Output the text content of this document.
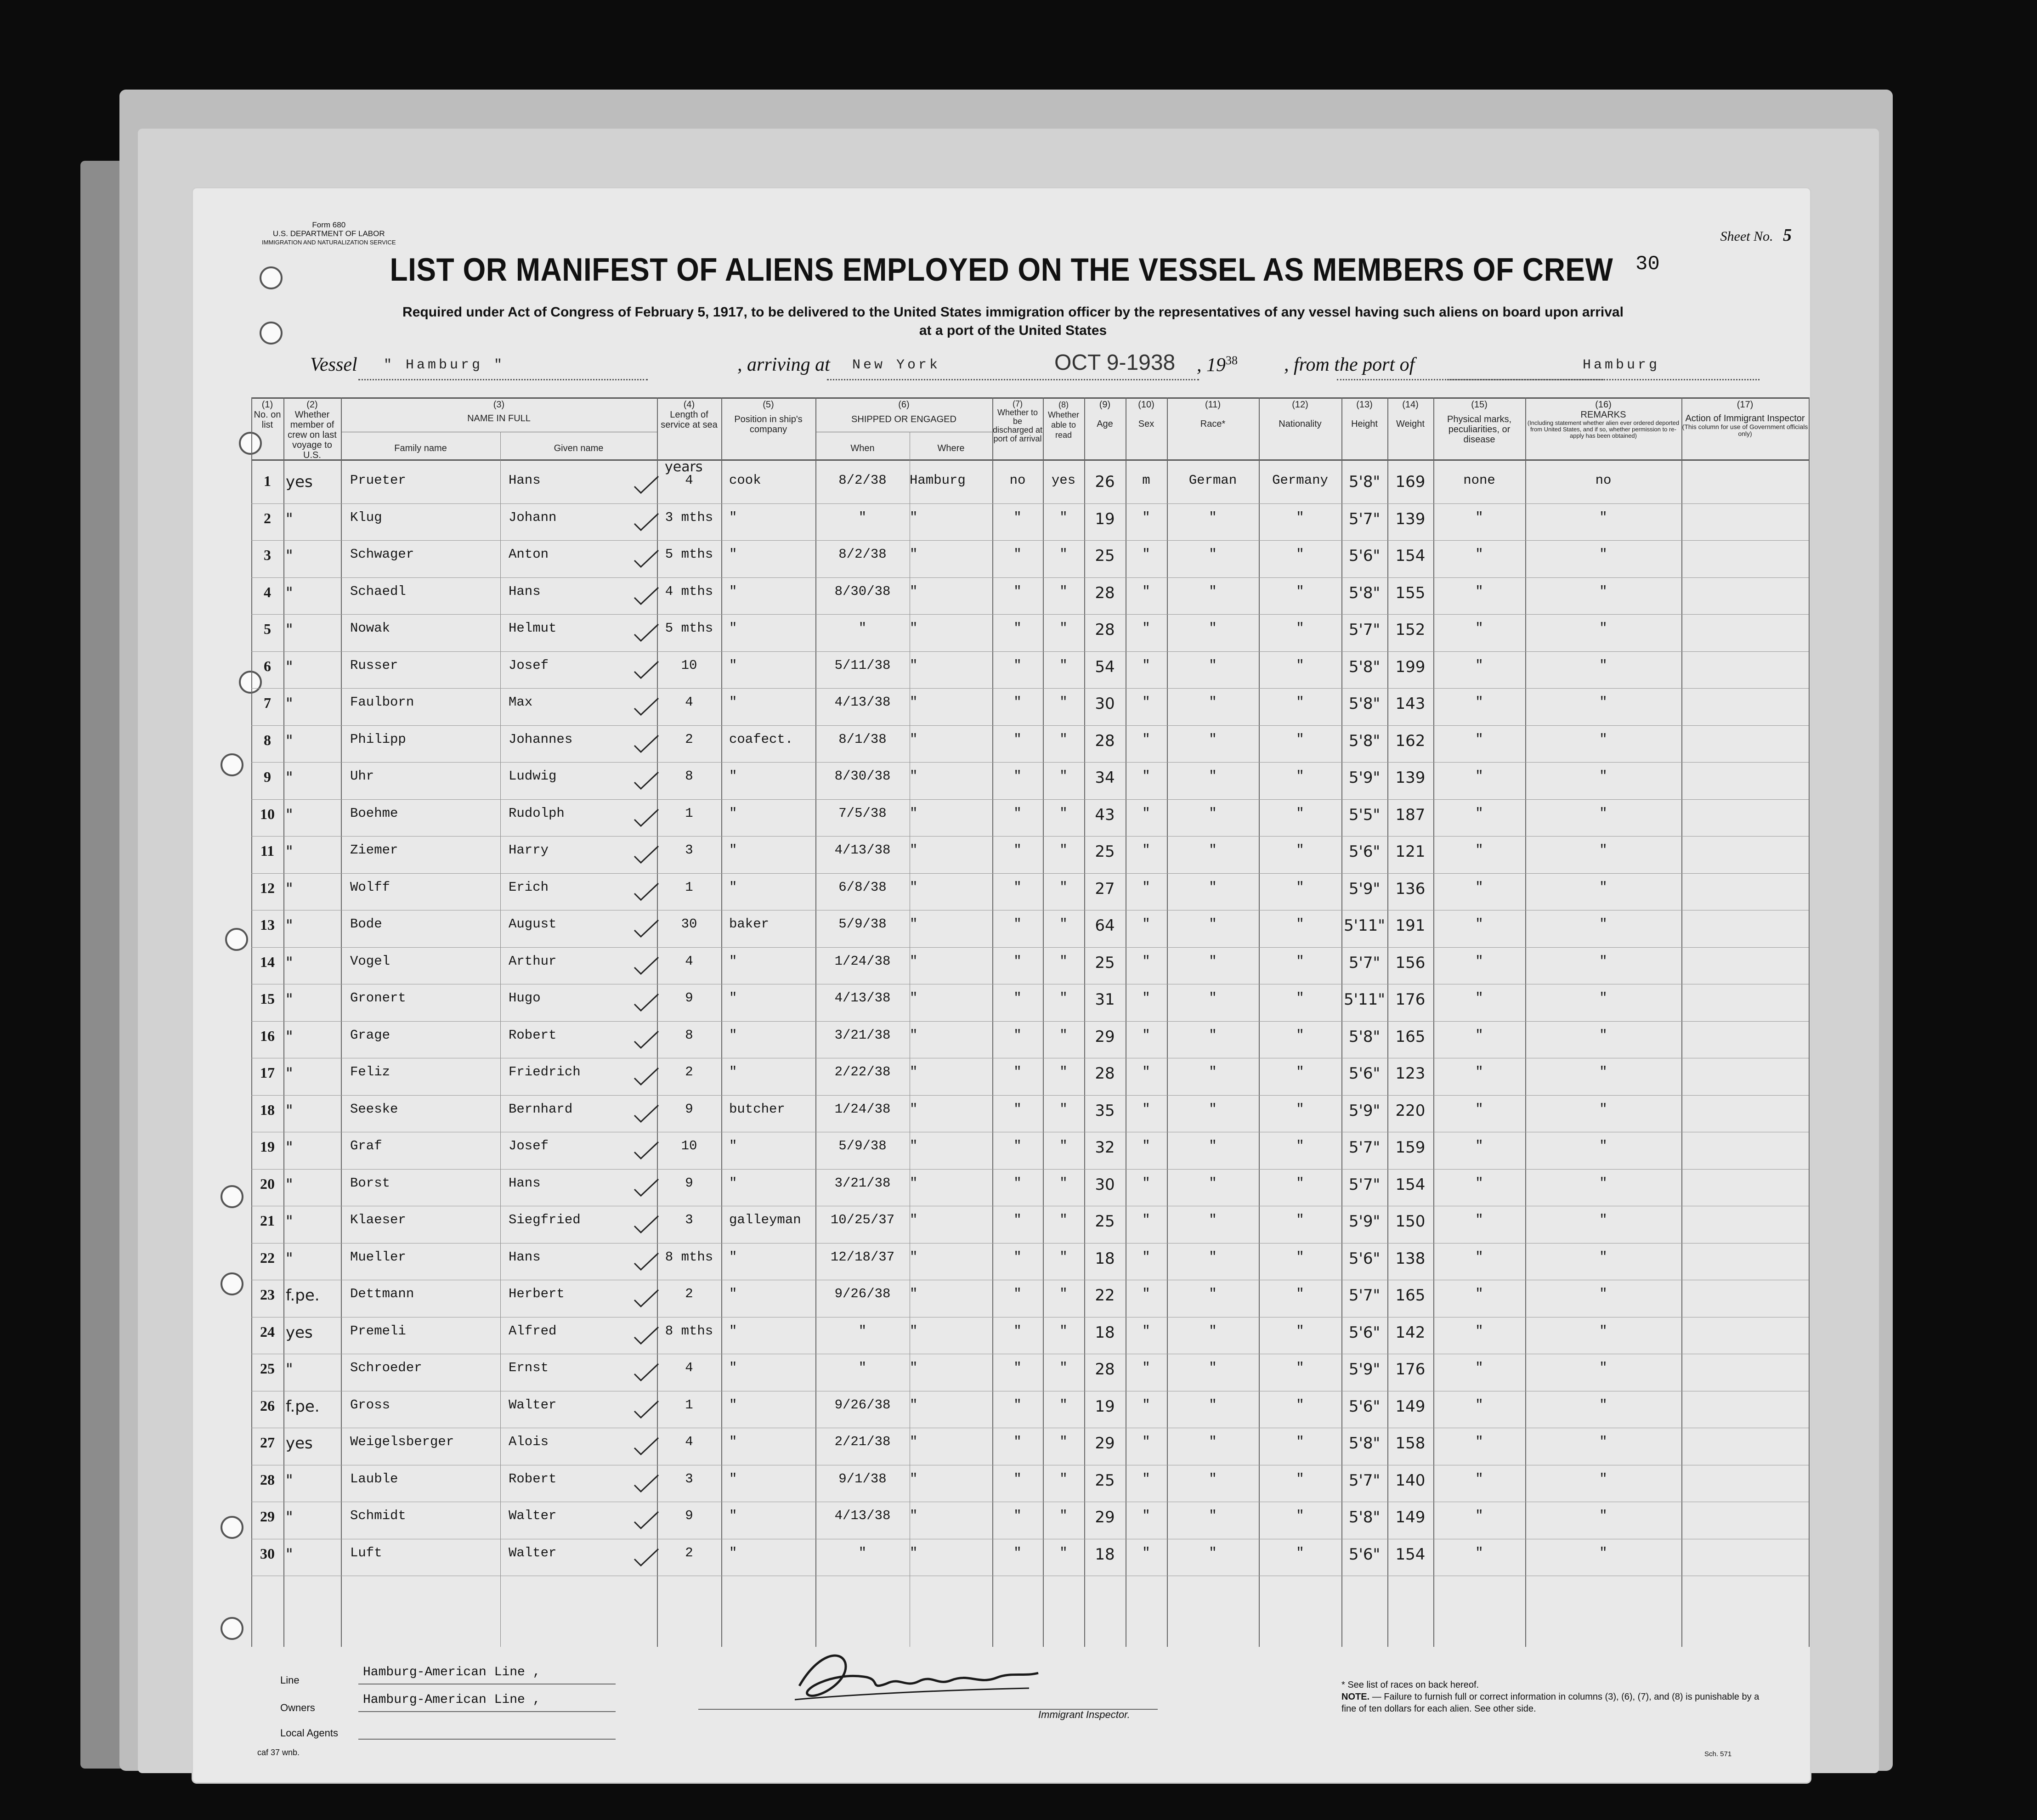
Form 680
U.S. DEPARTMENT OF LABOR
IMMIGRATION AND NATURALIZATION SERVICE	Sheet No. 5
LIST OR MANIFEST OF ALIENS EMPLOYED ON THE VESSEL AS MEMBERS OF CREW	30
Required under Act of Congress of February 5, 1917, to be delivered to the United States immigration officer by the representatives of any vessel having such aliens on board upon arrival
at a port of the United States
Vessel " Hamburg "	, arriving at New York	OCT 9-1938 , $19^{38}$ , from the port of	Hamburg
(1)
No. on list
(2)
Whether member of crew on last voyage to U.S.
(3)
NAME IN FULL
Family name	Given name
(4)
Length of service at sea
(5)
Position in ship's company
(6)
SHIPPED OR ENGAGED
When	Where
(7)
Whether to be discharged at port of arrival
(8)
Whether able to read
(9)
Age
(10)
Sex
(11)
Race*
(12)
Nationality
(13)
Height
(14)
Weight
(15)
Physical marks, peculiarities, or disease
(16)
REMARKS
(Including statement whether alien ever ordered deported from United States, and if so, whether permission to re-apply has been obtained)
(17)
Action of Immigrant Inspector
(This column for use of Government officials only)
years
1 yes	Prueter	Hans	4	cook	8/2/38	Hamburg	no	yes	26	m	German	Germany	5'8" 169	none	no
2 "	Klug	Johann	3 mths	"	"	"	"	"	19	"	"	"	5'7" 139	"	"
3 "	Schwager	Anton	5 mths	"	8/2/38	"	"	"	25	"	"	"	5'6" 154	"	"
4 "	Schaedl	Hans	4 mths	"	8/30/38	"	"	"	28	"	"	"	5'8" 155	"	"
5 "	Nowak	Helmut	5 mths	"	"	"	"	"	28	"	"	"	5'7" 152	"	"
6 "	Russer	Josef	10	"	5/11/38	"	"	"	54	"	"	"	5'8" 199	"	"
7 "	Faulborn	Max	4	"	4/13/38	"	"	"	30	"	"	"	5'8" 143	"	"
8 "	Philipp	Johannes	2	coafect.	8/1/38	"	"	"	28	"	"	"	5'8" 162	"	"
9 "	Uhr	Ludwig	8	"	8/30/38	"	"	"	34	"	"	"	5'9" 139	"	"
10 "	Boehme	Rudolph	1	"	7/5/38	"	"	"	43	"	"	"	5'5" 187	"	"
11 "	Ziemer	Harry	3	"	4/13/38	"	"	"	25	"	"	"	5'6" 121	"	"
12 "	Wolff	Erich	1	"	6/8/38	"	"	"	27	"	"	"	5'9" 136	"	"
13 "	Bode	August	30	baker	5/9/38	"	"	"	64	"	"	"	5'11" 191	"	"
14 "	Vogel	Arthur	4	"	1/24/38	"	"	"	25	"	"	"	5'7" 156	"	"
15 "	Gronert	Hugo	9	"	4/13/38	"	"	"	31	"	"	"	5'11" 176	"	"
16 "	Grage	Robert	8	"	3/21/38	"	"	"	29	"	"	"	5'8" 165	"	"
17 "	Feliz	Friedrich	2	"	2/22/38	"	"	"	28	"	"	"	5'6" 123	"	"
18 "	Seeske	Bernhard	9	butcher	1/24/38	"	"	"	35	"	"	"	5'9" 220	"	"
19 "	Graf	Josef	10	"	5/9/38	"	"	"	32	"	"	"	5'7" 159	"	"
20 "	Borst	Hans	9	"	3/21/38	"	"	"	30	"	"	"	5'7" 154	"	"
21 "	Klaeser	Siegfried	3	galleyman	10/25/37	"	"	"	25	"	"	"	5'9" 150	"	"
22 "	Mueller	Hans	8 mths	"	12/18/37	"	"	"	18	"	"	"	5'6" 138	"	"
23 f.pe.	Dettmann	Herbert	2	"	9/26/38	"	"	"	22	"	"	"	5'7" 165	"	"
24 yes	Premeli	Alfred	8 mths	"	"	"	"	"	18	"	"	"	5'6" 142	"	"
25 "	Schroeder	Ernst	4	"	"	"	"	"	28	"	"	"	5'9" 176	"	"
26 f.pe.	Gross	Walter	1	"	9/26/38	"	"	"	19	"	"	"	5'6" 149	"	"
27 yes	Weigelsberger	Alois	4	"	2/21/38	"	"	"	29	"	"	"	5'8" 158	"	"
28 "	Lauble	Robert	3	"	9/1/38	"	"	"	25	"	"	"	5'7" 140	"	"
29 "	Schmidt	Walter	9	"	4/13/38	"	"	"	29	"	"	"	5'8" 149	"	"
30 "	Luft	Walter	2	"	"	"	"	"	18	"	"	"	5'6" 154	"	"
Line
Hamburg-American Line ,
Owners
Hamburg-American Line ,
Local Agents
Immigrant Inspector.
* See list of races on back hereof.
NOTE. — Failure to furnish full or correct information in columns (3), (6), (7), and (8) is punishable by a fine of ten dollars for each alien. See other side.
caf 37 wnb.	Sch. 571
